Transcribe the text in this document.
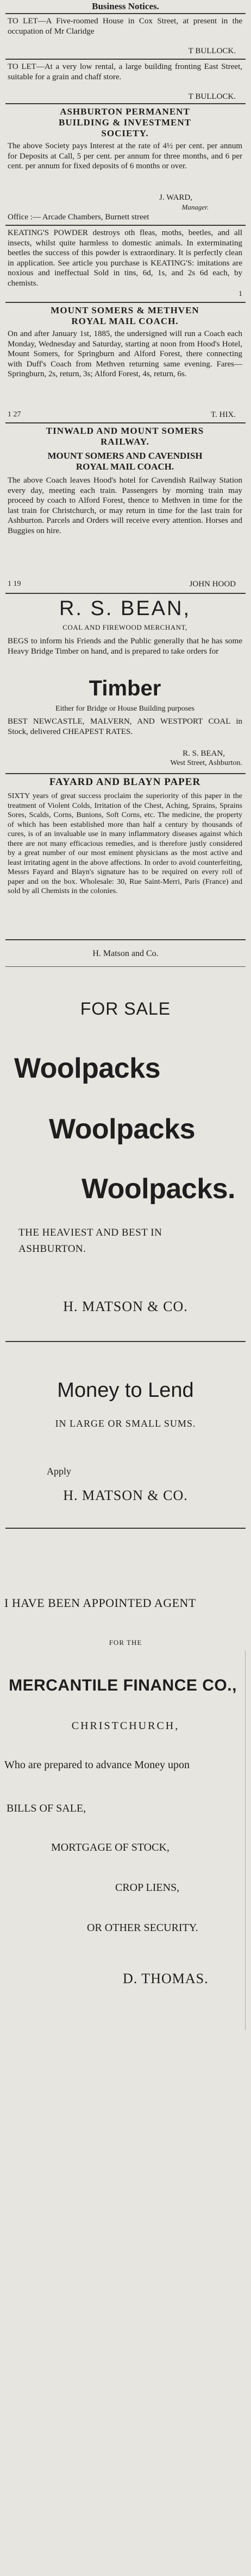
Business Notices.
TO LET—A Five-roomed House in Cox Street, at present in the occupation of Mr Claridge
T BULLOCK.
TO LET—At a very low rental, a large building fronting East Street, suitable for a grain and chaff store.
T BULLOCK.
ASHBURTON PERMANENT
BUILDING & INVESTMENT
SOCIETY.
The above Society pays Interest at the rate of 4½ per cent. per annum for Deposits at Call, 5 per cent. per annum for three months, and 6 per cent. per annum for fixed deposits of 6 months or over.
J. WARD,
Manager.
Office :— Arcade Chambers, Burnett street
KEATING'S POWDER destroys oth fleas, moths, beetles, and all insects, whilst quite harmless to domestic animals. In exterminating beetles the success of this powder is extraordinary. It is perfectly clean in application. See article you purchase is KEATING'S: imitations are noxious and ineffectual Sold in tins, 6d, 1s, and 2s 6d each, by chemists.
1
MOUNT SOMERS & METHVEN
ROYAL MAIL COACH.
On and after January 1st, 1885, the undersigned will run a Coach each Monday, Wednesday and Saturday, starting at noon from Hood's Hotel, Mount Somers, for Springburn and Alford Forest, there connecting with Duff's Coach from Methven returning same evening. Fares—Springburn, 2s, return, 3s; Alford Forest, 4s, return, 6s.
1 27	T. HIX.
TINWALD AND MOUNT SOMERS
RAILWAY.
MOUNT SOMERS AND CAVENDISH
ROYAL MAIL COACH.
The above Coach leaves Hood's hotel for Cavendish Railway Station every day, meeting each train. Passengers by morning train may proceed by coach to Alford Forest, thence to Methven in time for the last train for Christchurch, or may return in time for the last train for Ashburton. Parcels and Orders will receive every attention. Horses and Buggies on hire.
1 19	JOHN HOOD
R. S. BEAN,
COAL AND FIREWOOD MERCHANT,
BEGS to inform his Friends and the Public generally that he has some Heavy Bridge Timber on hand, and is prepared to take orders for
Timber
Either for Bridge or House Building purposes
BEST NEWCASTLE, MALVERN, AND WESTPORT COAL in Stock, delivered CHEAPEST RATES.
R. S. BEAN,
West Street, Ashburton.
FAYARD AND BLAYN PAPER
SIXTY years of great success proclaim the superiority of this paper in the treatment of Violent Colds, Irritation of the Chest, Aching, Sprains, Sprains Sores, Scalds, Corns, Bunions, Soft Corns, etc. The medicine, the property of which has been established more than half a century by thousands of cures, is of an invaluable use in many inflammatory diseases against which there are not many efficacious remedies, and is therefore justly considered by a great number of our most eminent physicians as the most active and least irritating agent in the above affections. In order to avoid counterfeiting, Messrs Fayard and Blayn's signature has to be required on every roll of paper and on the box. Wholesale: 30, Rue Saint-Merri, Paris (France) and sold by all Chemists in the colonies.
H. Matson and Co.
FOR SALE
Woolpacks
Woolpacks
Woolpacks.
THE HEAVIEST AND BEST IN
ASHBURTON.
H. MATSON & CO.
Money to Lend
IN LARGE OR SMALL SUMS.
Apply
H. MATSON & CO.
I HAVE BEEN APPOINTED AGENT
FOR THE
MERCANTILE FINANCE CO.,
CHRISTCHURCH,
Who are prepared to advance Money upon
BILLS OF SALE,
MORTGAGE OF STOCK,
CROP LIENS,
OR OTHER SECURITY.
D. THOMAS.
